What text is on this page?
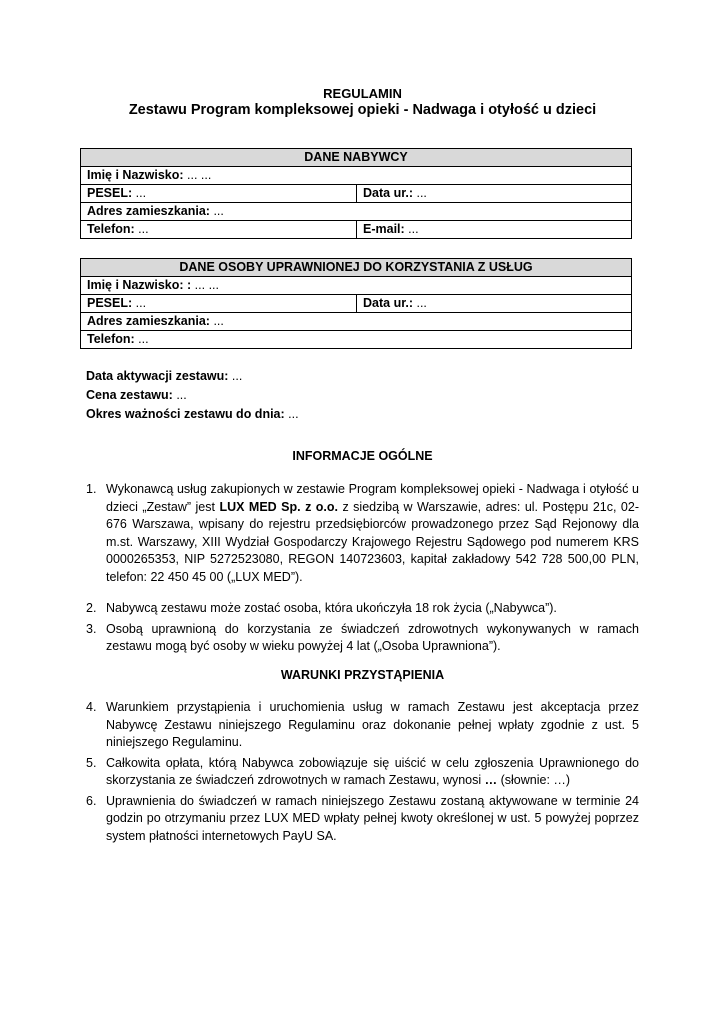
REGULAMIN
Zestawu Program kompleksowej opieki - Nadwaga i otyłość u dzieci
DANE NABYWCY	
Imię i Nazwisko: ... ...	
PESEL: ...	Data ur.: ...
Adres zamieszkania: ...	
Telefon: ...	E-mail: ...
DANE OSOBY UPRAWNIONEJ DO KORZYSTANIA Z USŁUG
Imię i Nazwisko: : ... ...
PESEL: ...	Data ur.: ...
Adres zamieszkania: ...
Telefon: ...
Data aktywacji zestawu: ...
Cena zestawu: ...
Okres ważności zestawu do dnia: ...
INFORMACJE OGÓLNE
1. Wykonawcą usług zakupionych w zestawie Program kompleksowej opieki - Nadwaga i otyłość u dzieci „Zestaw” jest LUX MED Sp. z o.o. z siedzibą w Warszawie, adres: ul. Postępu 21c, 02-676 Warszawa, wpisany do rejestru przedsiębiorców prowadzonego przez Sąd Rejonowy dla m.st. Warszawy, XIII Wydział Gospodarczy Krajowego Rejestru Sądowego pod numerem KRS 0000265353, NIP 5272523080, REGON 140723603, kapitał zakładowy 542 728 500,00 PLN, telefon: 22 450 45 00 („LUX MED”).
2. Nabywcą zestawu może zostać osoba, która ukończyła 18 rok życia („Nabywca”).
3. Osobą uprawnioną do korzystania ze świadczeń zdrowotnych wykonywanych w ramach zestawu mogą być osoby w wieku powyżej 4 lat („Osoba Uprawniona”).
WARUNKI PRZYSTĄPIENIA
4. Warunkiem przystąpienia i uruchomienia usług w ramach Zestawu jest akceptacja przez Nabywcę Zestawu niniejszego Regulaminu oraz dokonanie pełnej wpłaty zgodnie z ust. 5 niniejszego Regulaminu.
5. Całkowita opłata, którą Nabywca zobowiązuje się uiścić w celu zgłoszenia Uprawnionego do skorzystania ze świadczeń zdrowotnych w ramach Zestawu, wynosi … (słownie: …)
6. Uprawnienia do świadczeń w ramach niniejszego Zestawu zostaną aktywowane w terminie 24 godzin po otrzymaniu przez LUX MED wpłaty pełnej kwoty określonej w ust. 5 powyżej poprzez system płatności internetowych PayU SA.
